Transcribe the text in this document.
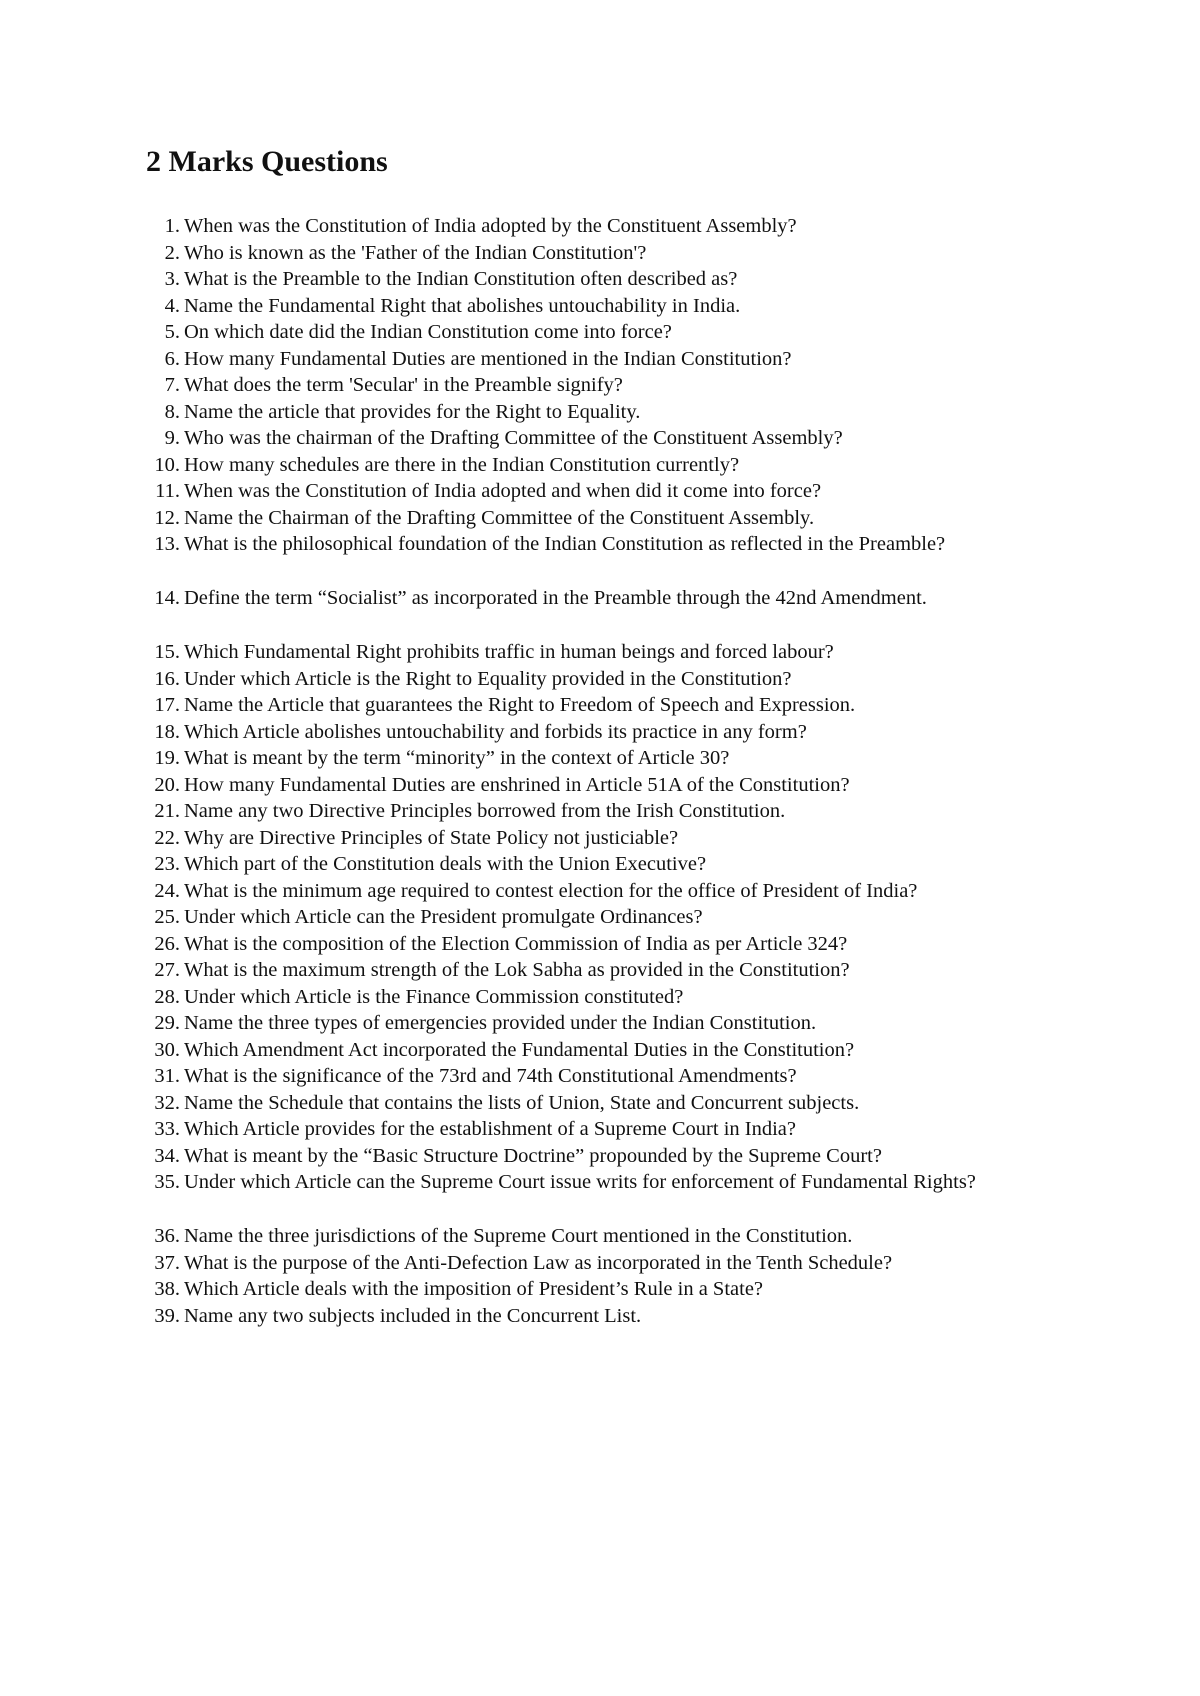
2 Marks Questions
1. When was the Constitution of India adopted by the Constituent Assembly?
2. Who is known as the 'Father of the Indian Constitution'?
3. What is the Preamble to the Indian Constitution often described as?
4. Name the Fundamental Right that abolishes untouchability in India.
5. On which date did the Indian Constitution come into force?
6. How many Fundamental Duties are mentioned in the Indian Constitution?
7. What does the term 'Secular' in the Preamble signify?
8. Name the article that provides for the Right to Equality.
9. Who was the chairman of the Drafting Committee of the Constituent Assembly?
10. How many schedules are there in the Indian Constitution currently?
11. When was the Constitution of India adopted and when did it come into force?
12. Name the Chairman of the Drafting Committee of the Constituent Assembly.
13. What is the philosophical foundation of the Indian Constitution as reflected in the Preamble?
14. Define the term “Socialist” as incorporated in the Preamble through the 42nd Amendment.
15. Which Fundamental Right prohibits traffic in human beings and forced labour?
16. Under which Article is the Right to Equality provided in the Constitution?
17. Name the Article that guarantees the Right to Freedom of Speech and Expression.
18. Which Article abolishes untouchability and forbids its practice in any form?
19. What is meant by the term “minority” in the context of Article 30?
20. How many Fundamental Duties are enshrined in Article 51A of the Constitution?
21. Name any two Directive Principles borrowed from the Irish Constitution.
22. Why are Directive Principles of State Policy not justiciable?
23. Which part of the Constitution deals with the Union Executive?
24. What is the minimum age required to contest election for the office of President of India?
25. Under which Article can the President promulgate Ordinances?
26. What is the composition of the Election Commission of India as per Article 324?
27. What is the maximum strength of the Lok Sabha as provided in the Constitution?
28. Under which Article is the Finance Commission constituted?
29. Name the three types of emergencies provided under the Indian Constitution.
30. Which Amendment Act incorporated the Fundamental Duties in the Constitution?
31. What is the significance of the 73rd and 74th Constitutional Amendments?
32. Name the Schedule that contains the lists of Union, State and Concurrent subjects.
33. Which Article provides for the establishment of a Supreme Court in India?
34. What is meant by the “Basic Structure Doctrine” propounded by the Supreme Court?
35. Under which Article can the Supreme Court issue writs for enforcement of Fundamental Rights?
36. Name the three jurisdictions of the Supreme Court mentioned in the Constitution.
37. What is the purpose of the Anti-Defection Law as incorporated in the Tenth Schedule?
38. Which Article deals with the imposition of President’s Rule in a State?
39. Name any two subjects included in the Concurrent List.
